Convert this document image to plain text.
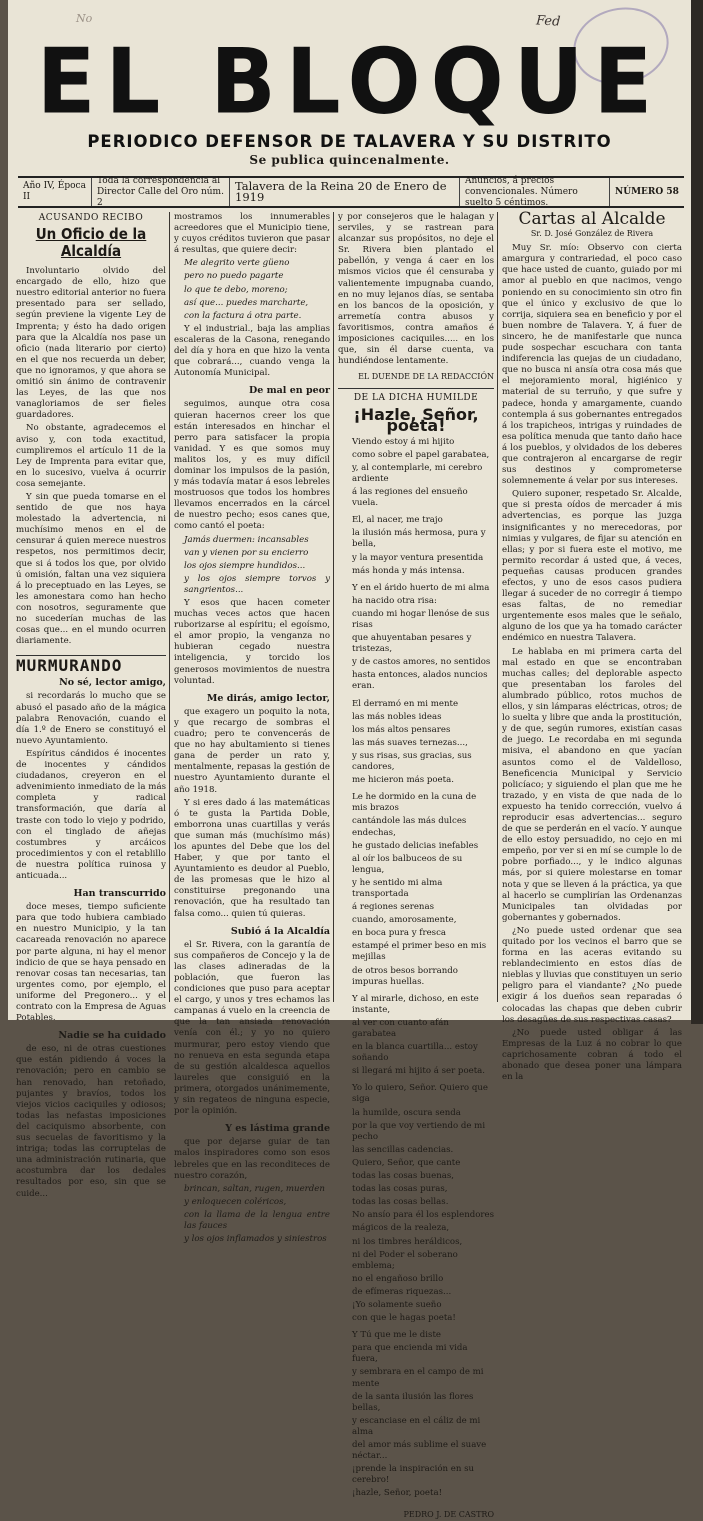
No	Fed
EL BLOQUE
PERIODICO DEFENSOR DE TALAVERA Y SU DISTRITO
Se publica quincenalmente.
Año IV, Época II
Toda la correspondencia al Director Calle del Oro núm. 2
Talavera de la Reina 20 de Enero de 1919
Anuncios, á precios convencionales. Número suelto 5 céntimos.
NÚMERO 58
ACUSANDO RECIBO
Un Oficio de la Alcaldía

Involuntario olvido del encargado de ello, hizo que nuestro editorial anterior no fuera presentado para ser sellado, según previene la vigente Ley de Imprenta; y ésto ha dado origen para que la Alcaldía nos pase un oficio (nada literario por cierto) en el que nos recuerda un deber, que no ignoramos, y que ahora se omitió sin ánimo de contravenir las Leyes, de las que nos vanagloriamos de ser fieles guardadores.

No obstante, agradecemos el aviso y, con toda exactitud, cumpliremos el artículo 11 de la Ley de Imprenta para evitar que, en lo sucesivo, vuelva á ocurrir cosa semejante.

Y sin que pueda tomarse en el sentido de que nos haya molestado la advertencia, ni muchísimo menos en el de censurar á quien merece nuestros respetos, nos permitimos decir, que si á todos los que, por olvido ú omisión, faltan una vez siquiera á lo preceptuado en las Leyes, se les amonestara como han hecho con nosotros, seguramente que no sucederían muchas de las cosas que... en el mundo ocurren diariamente.

MURMURANDO
No sé, lector amigo,

si recordarás lo mucho que se abusó el pasado año de la mágica palabra Renovación, cuando el día 1.º de Enero se constituyó el nuevo Ayuntamiento.

Espíritus cándidos é inocentes de inocentes y cándidos ciudadanos, creyeron en el advenimiento inmediato de la más completa y radical transformación, que daría al traste con todo lo viejo y podrido, con el tinglado de añejas costumbres y arcáicos procedimientos y con el retablillo de nuestra política ruinosa y anticuada...

Han transcurrido

doce meses, tiempo suficiente para que todo hubiera cambiado en nuestro Municipio, y la tan cacareada renovación no aparece por parte alguna, ni hay el menor indicio de que se haya pensado en renovar cosas tan necesarias, tan urgentes como, por ejemplo, el uniforme del Pregonero... y el contrato con la Empresa de Aguas Potables.

Nadie se ha cuidado

de eso, ni de otras cuestiones que están pidiendo á voces la renovación; pero en cambio se han renovado, han retoñado, pujantes y bravíos, todos los viejos vicios caciquiles y odiosos; todas las nefastas imposiciones del caciquismo absorbente, con sus secuelas de favoritismo y la intriga; todas las corruptelas de una administración rutinaria, que acostumbra dar los dedales resultados por eso, sin que se cuide...

mostramos los innumerables acreedores que el Municipio tiene, y cuyos créditos tuvieron que pasar á resultas, que quiere decir:

Me alegrito verte güeno

pero no puedo pagarte

lo que te debo, moreno;

así que... puedes marcharte,

con la factura á otra parte.

Y el industrial., baja las amplias escaleras de la Casona, renegando del día y hora en que hizo la venta que cobrará..., cuando venga la Autonomía Municipal.

De mal en peor

seguimos, aunque otra cosa quieran hacernos creer los que están interesados en hinchar el perro para satisfacer la propia vanidad. Y es que somos muy malitos los, y es muy difícil dominar los impulsos de la pasión, y más todavía matar á esos lebreles mostruosos que todos los hombres llevamos encerrados en la cárcel de nuestro pecho; esos canes que, como cantó el poeta:

Jamás duermen: incansables

van y vienen por su encierro

los ojos siempre hundidos...

y los ojos siempre torvos y sangrientos...

Y esos que hacen cometer muchas veces actos que hacen ruborizarse al espíritu; el egoísmo, el amor propio, la venganza no hubieran cegado nuestra inteligencia, y torcido los generosos movimientos de nuestra voluntad.

Me dirás, amigo lector,

que exagero un poquito la nota, y que recargo de sombras el cuadro; pero te convencerás de que no hay abultamiento si tienes gana de perder un rato y, mentalmente, repasas la gestión de nuestro Ayuntamiento durante el año 1918.

Y si eres dado á las matemáticas ó te gusta la Partida Doble, emborrona unas cuartillas y verás que suman más (muchísimo más) los apuntes del Debe que los del Haber, y que por tanto el Ayuntamiento es deudor al Pueblo, de las promesas que le hizo al constituirse pregonando una renovación, que ha resultado tan falsa como... quien tú quieras.

Subió á la Alcaldía

el Sr. Rivera, con la garantía de sus compañeros de Concejo y la de las clases adineradas de la población, que fueron las condiciones que puso para aceptar el cargo, y unos y tres echamos las campanas á vuelo en la creencia de que la tan ansiada renovación venía con él.; y yo no quiero murmurar, pero estoy viendo que no renueva en esta segunda etapa de su gestión alcaldesca aquellos laureles que consiguió en la primera, otorgados unánimemente, y sin regateos de ninguna especie, por la opinión.

Y es lástima grande

que por dejarse guiar de tan malos inspiradores como son esos lebreles que en las reconditeces de nuestro corazón,

brincan, saltan, rugen, muerden

y enloquecen coléricos,

con la llama de la lengua entre las fauces

y los ojos inflamados y siniestros

y por consejeros que le halagan y serviles, y se rastrean para alcanzar sus propósitos, no deje el Sr. Rivera bien plantado el pabellón, y venga á caer en los mismos vicios que él censuraba y valientemente impugnaba cuando, en no muy lejanos días, se sentaba en los bancos de la oposición, y arremetía contra abusos y favoritismos, contra amaños é imposiciones caciquiles..... en los que, sin él darse cuenta, va hundiéndose lentamente.

EL DUENDE DE LA REDACCIÓN
DE LA DICHA HUMILDE
¡Hazle, Señor, poeta!

Viendo estoy á mi hijito

como sobre el papel garabatea,

y, al contemplarle, mi cerebro ardiente

á las regiones del ensueño vuela.

El, al nacer, me trajo

la ilusión más hermosa, pura y bella,

y la mayor ventura presentida

más honda y más intensa.

Y en el árido huerto de mi alma

ha nacido otra risa:

cuando mi hogar llenóse de sus risas

que ahuyentaban pesares y tristezas,

y de castos amores, no sentidos

hasta entonces, alados nuncios eran.

El derramó en mi mente

las más nobles ideas

los más altos pensares

las más suaves ternezas...,

y sus risas, sus gracias, sus candores,

me hicieron más poeta.

Le he dormido en la cuna de mis brazos

cantándole las más dulces endechas,

he gustado delicias inefables

al oír los balbuceos de su lengua,

y he sentido mi alma transportada

á regiones serenas

cuando, amorosamente,

en boca pura y fresca

estampé el primer beso en mis mejillas

de otros besos borrando impuras huellas.

Y al mirarle, dichoso, en este instante,

al ver con cuanto afán garabatea

en la blanca cuartilla... estoy soñando

si llegará mi hijito á ser poeta.

Yo lo quiero, Señor. Quiero que siga

la humilde, oscura senda

por la que voy vertiendo de mi pecho

las sencillas cadencias.

Quiero, Señor, que cante

todas las cosas buenas,

todas las cosas puras,

todas las cosas bellas.

No ansío para él los esplendores

mágicos de la realeza,

ni los timbres heráldicos,

ni del Poder el soberano emblema;

no el engañoso brillo

de efímeras riquezas...

¡Yo solamente sueño

con que le hagas poeta!

Y Tú que me le diste

para que encienda mi vida fuera,

y sembrara en el campo de mi mente

de la santa ilusión las flores bellas,

y escanciase en el cáliz de mi alma

del amor más sublime el suave néctar...

¡prende la inspiración en su cerebro!

¡hazle, Señor, poeta!

PEDRO J. DE CASTRO
Cartas al Alcalde
Sr. D. José González de Rivera

Muy Sr. mío: Observo con cierta amargura y contrariedad, el poco caso que hace usted de cuanto, guiado por mi amor al pueblo en que nacimos, vengo poniendo en su conocimiento sin otro fin que el único y exclusivo de que lo corrija, siquiera sea en beneficio y por el buen nombre de Talavera. Y, á fuer de sincero, he de manifestarle que nunca pude sospechar escuchara con tanta indiferencia las quejas de un ciudadano, que no busca ni ansía otra cosa más que el mejoramiento moral, higiénico y material de su terruño, y que sufre y padece, honda y amargamente, cuando contempla á sus gobernantes entregados á los trapicheos, intrigas y ruindades de esa política menuda que tanto daño hace á los pueblos, y olvidados de los deberes que contrajeron al encargarse de regir sus destinos y comprometerse solemnemente á velar por sus intereses.

Quiero suponer, respetado Sr. Alcalde, que si presta oídos de mercader á mis advertencias, es porque las juzga insignificantes y no merecedoras, por nimias y vulgares, de fijar su atención en ellas; y por si fuera este el motivo, me permito recordar á usted que, á veces, pequeñas causas producen grandes efectos, y uno de esos casos pudiera llegar á suceder de no corregir á tiempo esas faltas, de no remediar urgentemente esos males que le señalo, alguno de los que ya ha tomado carácter endémico en nuestra Talavera.

Le hablaba en mi primera carta del mal estado en que se encontraban muchas calles; del deplorable aspecto que presentaban los faroles del alumbrado público, rotos muchos de ellos, y sin lámparas eléctricas, otros; de lo suelta y libre que anda la prostitución, y de que, según rumores, existían casas de juego. Le recordaba en mi segunda misiva, el abandono en que yacían asuntos como el de Valdelloso, Beneficencia Municipal y Servicio policíaco; y siguiendo el plan que me he trazado, y en vista de que nada de lo expuesto ha tenido corrección, vuelvo á reproducir esas advertencias... seguro de que se perderán en el vacío. Y aunque de ello estoy persuadido, no cejo en mi empeño, por ver si en mí se cumple lo de pobre porfiado..., y le indico algunas más, por si quiere molestarse en tomar nota y que se lleven á la práctica, ya que al hacerlo se cumplirían las Ordenanzas Municipales tan olvidadas por gobernantes y gobernados.

¿No puede usted ordenar que sea quitado por los vecinos el barro que se forma en las aceras evitando su reblandecimiento en estos días de nieblas y lluvias que constituyen un serio peligro para el viandante? ¿No puede exigir á los dueños sean reparadas ó colocadas las chapas que deben cubrir los desagües de sus respectivas casas?

¿No puede usted obligar á las Empresas de la Luz á no cobrar lo que caprichosamente cobran á todo el abonado que desea poner una lámpara en la
